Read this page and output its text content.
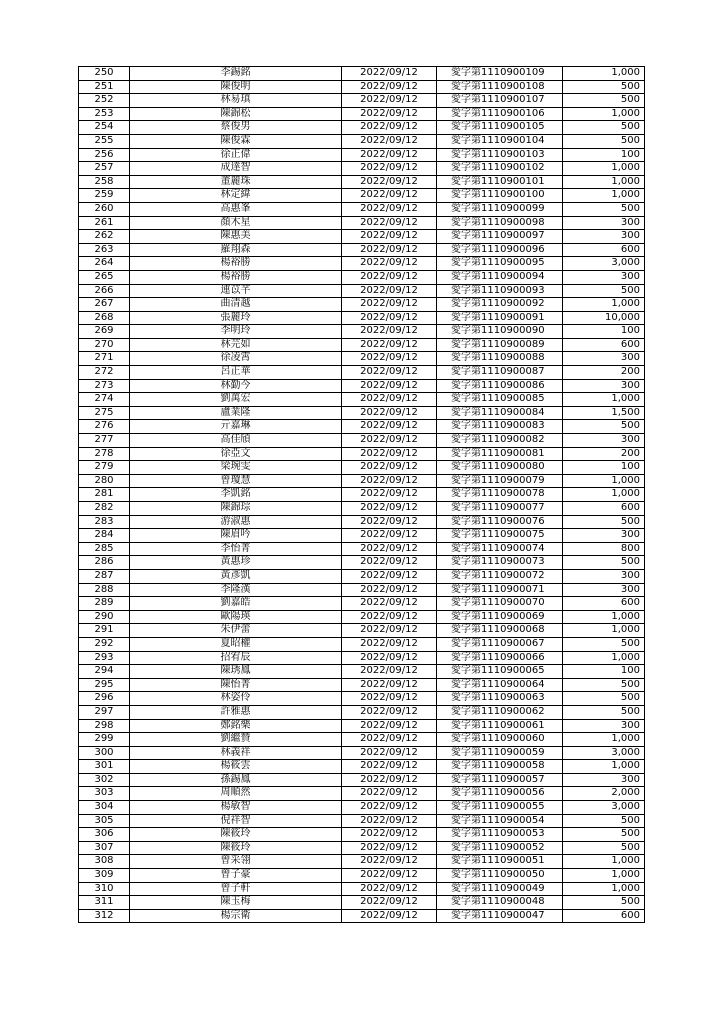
250	李錫銘	2022/09/12	愛字第1110900109	1,000
251	陳俊明	2022/09/12	愛字第1110900108	500
252	林易瑱	2022/09/12	愛字第1110900107	500
253	陳錦松	2022/09/12	愛字第1110900106	1,000
254	蔡俊男	2022/09/12	愛字第1110900105	500
255	陳俊霖	2022/09/12	愛字第1110900104	500
256	徐正偉	2022/09/12	愛字第1110900103	100
257	成達智	2022/09/12	愛字第1110900102	1,000
258	董麗珠	2022/09/12	愛字第1110900101	1,000
259	林定緯	2022/09/12	愛字第1110900100	1,000
260	高惠峯	2022/09/12	愛字第1110900099	500
261	顏木星	2022/09/12	愛字第1110900098	300
262	陳惠美	2022/09/12	愛字第1110900097	300
263	羅翔森	2022/09/12	愛字第1110900096	600
264	楊裕勝	2022/09/12	愛字第1110900095	3,000
265	楊裕勝	2022/09/12	愛字第1110900094	300
266	連苡芊	2022/09/12	愛字第1110900093	500
267	曲清越	2022/09/12	愛字第1110900092	1,000
268	張麗玲	2022/09/12	愛字第1110900091	10,000
269	李明玲	2022/09/12	愛字第1110900090	100
270	林芫如	2022/09/12	愛字第1110900089	600
271	徐凌霄	2022/09/12	愛字第1110900088	300
272	呂正華	2022/09/12	愛字第1110900087	200
273	林勤今	2022/09/12	愛字第1110900086	300
274	劉萬宏	2022/09/12	愛字第1110900085	1,000
275	盧業隆	2022/09/12	愛字第1110900084	1,500
276	亓嘉琳	2022/09/12	愛字第1110900083	500
277	高佳頎	2022/09/12	愛字第1110900082	300
278	徐亞文	2022/09/12	愛字第1110900081	200
279	梁琬雯	2022/09/12	愛字第1110900080	100
280	曾瓊慧	2022/09/12	愛字第1110900079	1,000
281	李凱銘	2022/09/12	愛字第1110900078	1,000
282	陳錦琮	2022/09/12	愛字第1110900077	600
283	游淑惠	2022/09/12	愛字第1110900076	500
284	陳眉吟	2022/09/12	愛字第1110900075	300
285	李怡菁	2022/09/12	愛字第1110900074	800
286	黃惠珍	2022/09/12	愛字第1110900073	500
287	黃彥凱	2022/09/12	愛字第1110900072	300
288	李隆漢	2022/09/12	愛字第1110900071	300
289	劉嘉皓	2022/09/12	愛字第1110900070	600
290	歐陽瑛	2022/09/12	愛字第1110900069	1,000
291	朱伊蕾	2022/09/12	愛字第1110900068	1,000
292	夏昭權	2022/09/12	愛字第1110900067	500
293	招宥辰	2022/09/12	愛字第1110900066	1,000
294	陳琇鳳	2022/09/12	愛字第1110900065	100
295	陳怡菁	2022/09/12	愛字第1110900064	500
296	林姿伶	2022/09/12	愛字第1110900063	500
297	許雅惠	2022/09/12	愛字第1110900062	500
298	鄭銘樂	2022/09/12	愛字第1110900061	300
299	劉繼贊	2022/09/12	愛字第1110900060	1,000
300	林義祥	2022/09/12	愛字第1110900059	3,000
301	楊筱雲	2022/09/12	愛字第1110900058	1,000
302	孫錫鳳	2022/09/12	愛字第1110900057	300
303	周順然	2022/09/12	愛字第1110900056	2,000
304	楊敏智	2022/09/12	愛字第1110900055	3,000
305	倪祥智	2022/09/12	愛字第1110900054	500
306	陳筱玲	2022/09/12	愛字第1110900053	500
307	陳筱玲	2022/09/12	愛字第1110900052	500
308	曾采翎	2022/09/12	愛字第1110900051	1,000
309	曾子豪	2022/09/12	愛字第1110900050	1,000
310	曾子軒	2022/09/12	愛字第1110900049	1,000
311	陳玉梅	2022/09/12	愛字第1110900048	500
312	楊宗衛	2022/09/12	愛字第1110900047	600
